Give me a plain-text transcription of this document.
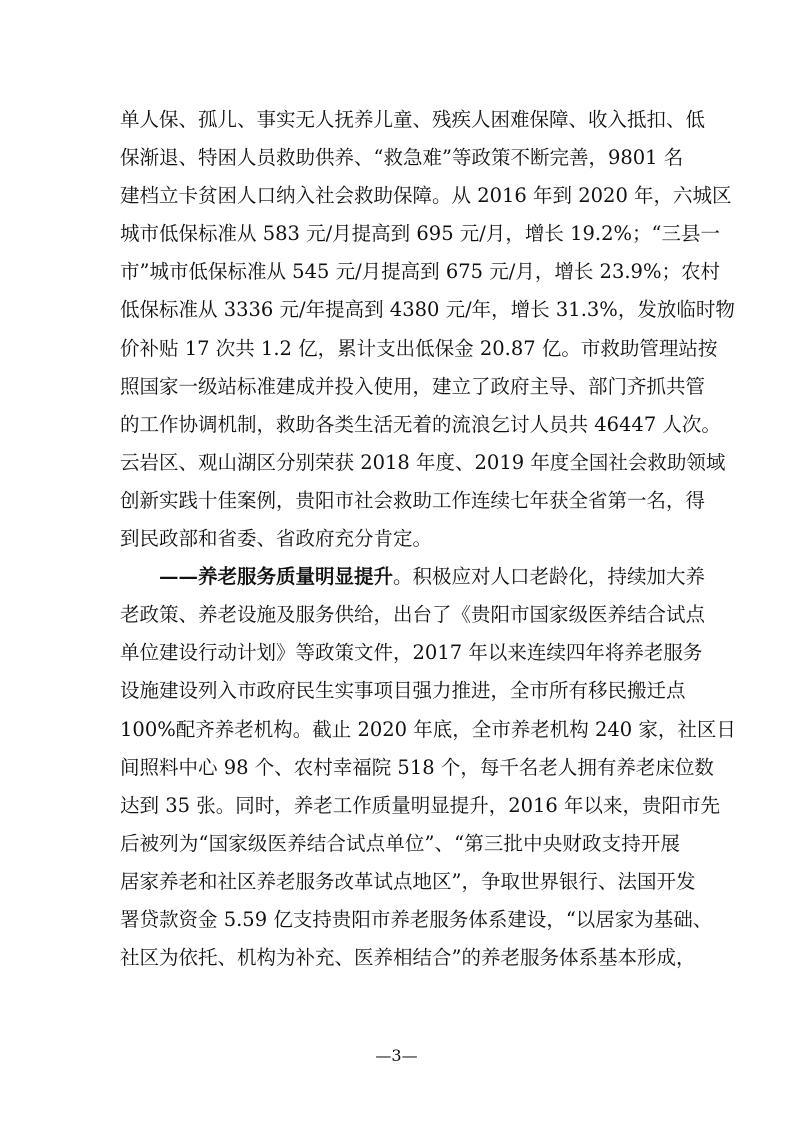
单人保、孤儿、事实无人抚养儿童、残疾人困难保障、收入抵扣、低
保渐退、特困人员救助供养、“救急难”等政策不断完善，9801 名
建档立卡贫困人口纳入社会救助保障。从 2016 年到 2020 年，六城区
城市低保标准从 583 元/月提高到 695 元/月，增长 19.2%；“三县一
市”城市低保标准从 545 元/月提高到 675 元/月，增长 23.9%；农村
低保标准从 3336 元/年提高到 4380 元/年，增长 31.3%，发放临时物
价补贴 17 次共 1.2 亿，累计支出低保金 20.87 亿。市救助管理站按
照国家一级站标准建成并投入使用，建立了政府主导、部门齐抓共管
的工作协调机制，救助各类生活无着的流浪乞讨人员共 46447 人次。
云岩区、观山湖区分别荣获 2018 年度、2019 年度全国社会救助领域
创新实践十佳案例，贵阳市社会救助工作连续七年获全省第一名，得
到民政部和省委、省政府充分肯定。
——养老服务质量明显提升。积极应对人口老龄化，持续加大养
老政策、养老设施及服务供给，出台了《贵阳市国家级医养结合试点
单位建设行动计划》等政策文件，2017 年以来连续四年将养老服务
设施建设列入市政府民生实事项目强力推进，全市所有移民搬迁点
100%配齐养老机构。截止 2020 年底，全市养老机构 240 家，社区日
间照料中心 98 个、农村幸福院 518 个，每千名老人拥有养老床位数
达到 35 张。同时，养老工作质量明显提升，2016 年以来，贵阳市先
后被列为“国家级医养结合试点单位”、“第三批中央财政支持开展
居家养老和社区养老服务改革试点地区”，争取世界银行、法国开发
署贷款资金 5.59 亿支持贵阳市养老服务体系建设，“以居家为基础、
社区为依托、机构为补充、医养相结合”的养老服务体系基本形成，
—3—
